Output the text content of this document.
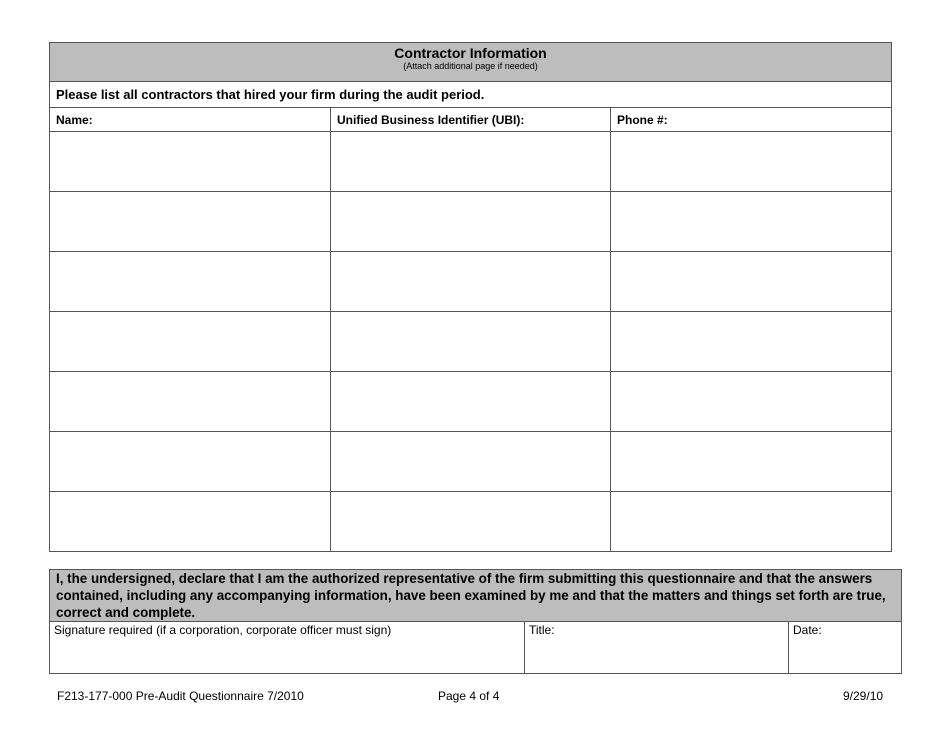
Contractor Information
(Attach additional page if needed)		

Please list all contractors that hired your firm during the audit period.		
Name:	Unified Business Identifier (UBI):	Phone #:

I, the undersigned, declare that I am the authorized representative of the firm submitting this questionnaire and that the answers contained, including any accompanying information, have been examined by me and that the matters and things set forth are true, correct and complete.
Signature required (if a corporation, corporate officer must sign)	Title:	Date:
F213-177-000 Pre-Audit Questionnaire 7/2010	Page 4 of 4	9/29/10
